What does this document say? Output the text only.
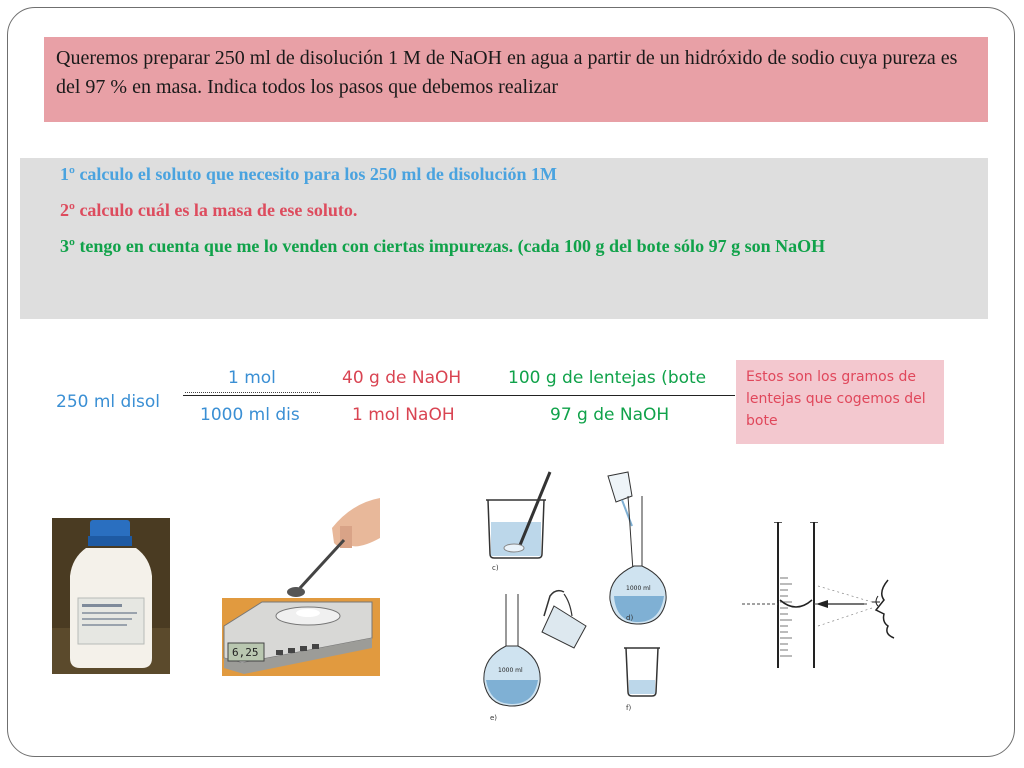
Queremos preparar 250 ml de disolución 1 M de NaOH en agua a partir de un hidróxido de sodio cuya pureza es del 97 % en masa. Indica todos los pasos que debemos realizar
1º calculo el soluto que necesito para los 250 ml de disolución 1M
2º calculo cuál es la masa de ese soluto.
3º tengo en cuenta que me lo venden con ciertas impurezas. (cada 100 g del bote sólo 97 g son NaOH
250 ml disol
1 mol
1000 ml dis
40 g de NaOH
1 mol NaOH
100 g de lentejas (bote
97 g de NaOH
Estos son los gramos de lentejas que cogemos del bote
6,25
c)
1000 ml
d)
1000 ml
e)
f)
